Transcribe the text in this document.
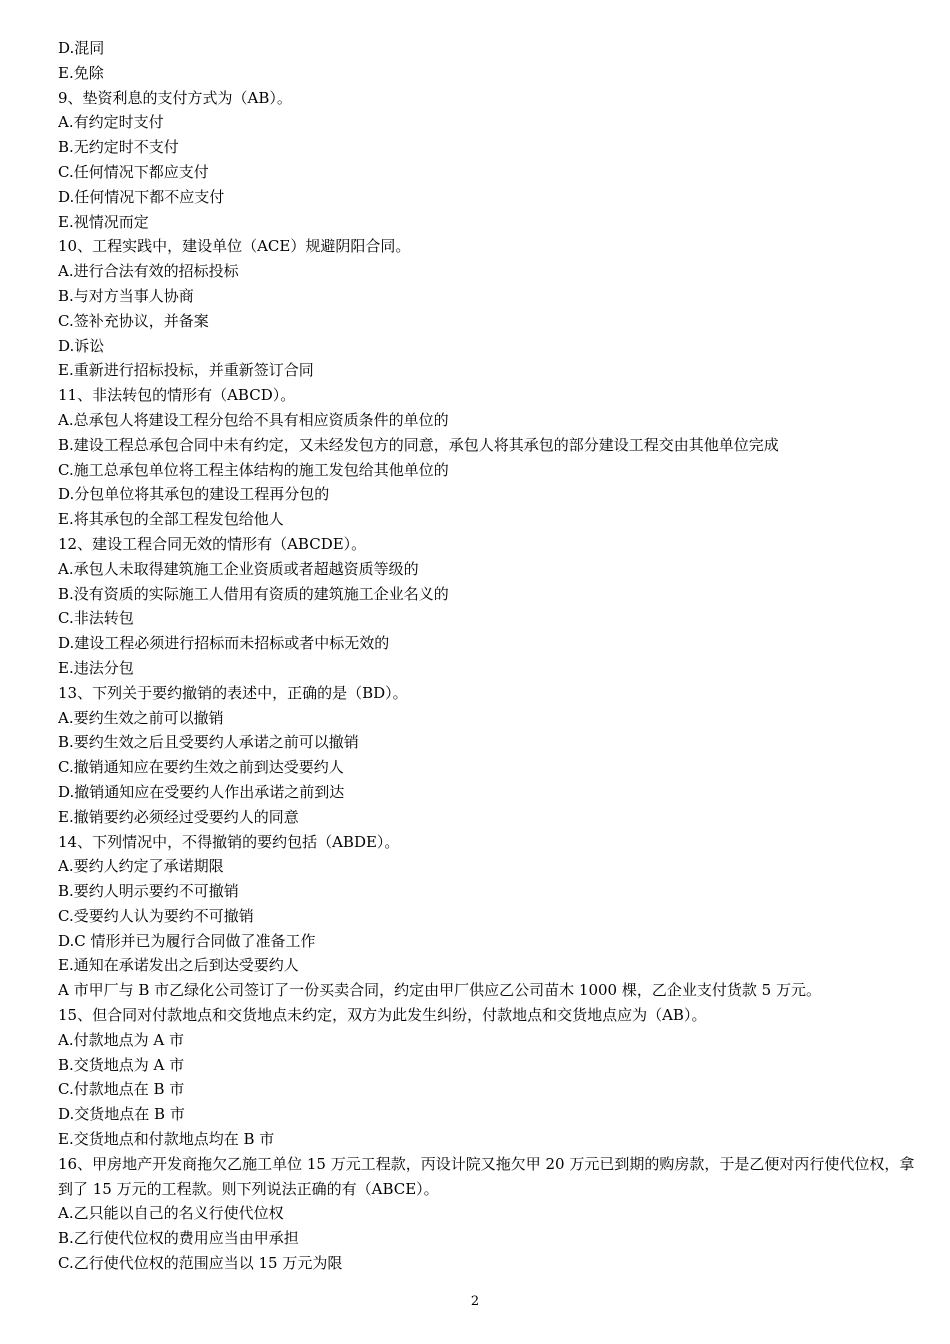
D.混同
E.免除
9、垫资利息的支付方式为（AB）。
A.有约定时支付
B.无约定时不支付
C.任何情况下都应支付
D.任何情况下都不应支付
E.视情况而定
10、工程实践中，建设单位（ACE）规避阴阳合同。
A.进行合法有效的招标投标
B.与对方当事人协商
C.签补充协议，并备案
D.诉讼
E.重新进行招标投标，并重新签订合同
11、非法转包的情形有（ABCD）。
A.总承包人将建设工程分包给不具有相应资质条件的单位的
B.建设工程总承包合同中未有约定，又未经发包方的同意，承包人将其承包的部分建设工程交由其他单位完成
C.施工总承包单位将工程主体结构的施工发包给其他单位的
D.分包单位将其承包的建设工程再分包的
E.将其承包的全部工程发包给他人
12、建设工程合同无效的情形有（ABCDE）。
A.承包人未取得建筑施工企业资质或者超越资质等级的
B.没有资质的实际施工人借用有资质的建筑施工企业名义的
C.非法转包
D.建设工程必须进行招标而未招标或者中标无效的
E.违法分包
13、下列关于要约撤销的表述中，正确的是（BD）。
A.要约生效之前可以撤销
B.要约生效之后且受要约人承诺之前可以撤销
C.撤销通知应在要约生效之前到达受要约人
D.撤销通知应在受要约人作出承诺之前到达
E.撤销要约必须经过受要约人的同意
14、下列情况中，不得撤销的要约包括（ABDE）。
A.要约人约定了承诺期限
B.要约人明示要约不可撤销
C.受要约人认为要约不可撤销
D.C 情形并已为履行合同做了准备工作
E.通知在承诺发出之后到达受要约人
A 市甲厂与 B 市乙绿化公司签订了一份买卖合同，约定由甲厂供应乙公司苗木 1000 棵，乙企业支付货款 5 万元。
15、但合同对付款地点和交货地点未约定，双方为此发生纠纷，付款地点和交货地点应为（AB）。
A.付款地点为 A 市
B.交货地点为 A 市
C.付款地点在 B 市
D.交货地点在 B 市
E.交货地点和付款地点均在 B 市
16、甲房地产开发商拖欠乙施工单位 15 万元工程款，丙设计院又拖欠甲 20 万元已到期的购房款，于是乙便对丙行使代位权，拿到了 15 万元的工程款。则下列说法正确的有（ABCE）。
A.乙只能以自己的名义行使代位权
B.乙行使代位权的费用应当由甲承担
C.乙行使代位权的范围应当以 15 万元为限
2
